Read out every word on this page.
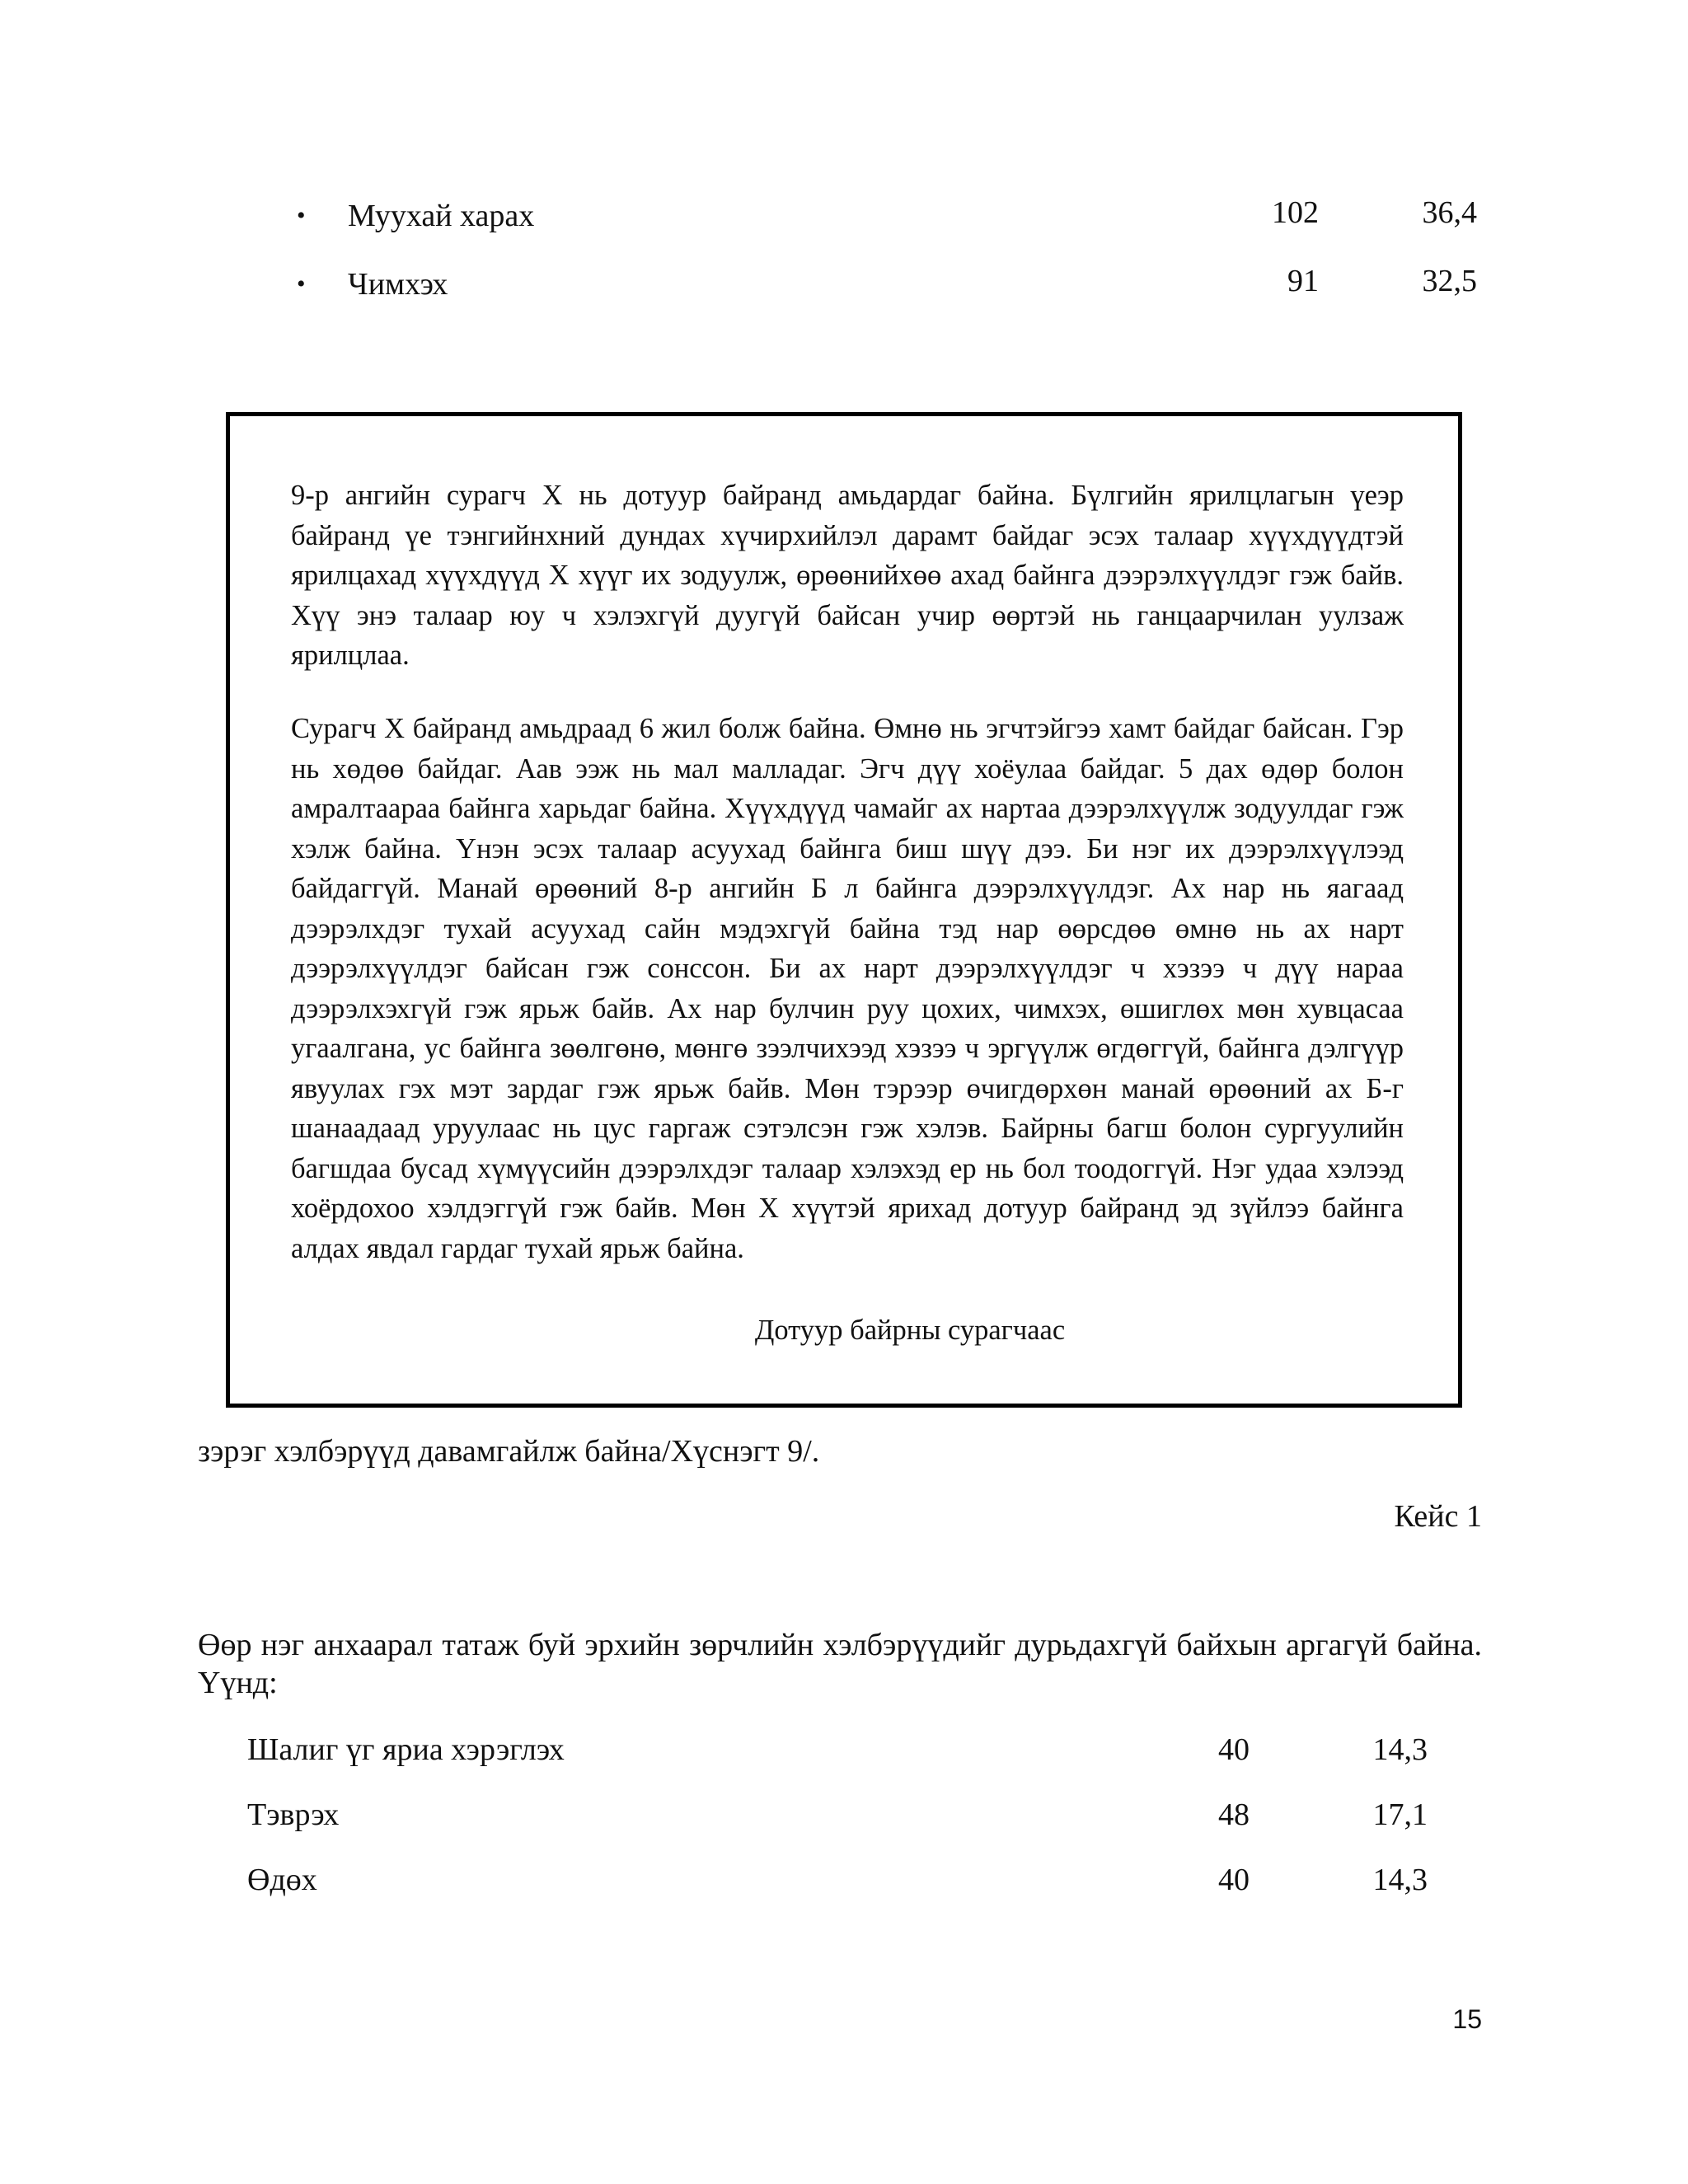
• Муухай харах	102	36,4
• Чимхэх	91	32,5
9-р ангийн сурагч Х нь дотуур байранд амьдардаг байна. Бүлгийн ярилцлагын үеэр байранд үе тэнгийнхний дундах хүчирхийлэл дарамт байдаг эсэх талаар хүүхдүүдтэй ярилцахад хүүхдүүд Х хүүг их зодуулж, өрөөнийхөө ахад байнга дээрэлхүүлдэг гэж байв. Хүү энэ талаар юу ч хэлэхгүй дуугүй байсан учир өөртэй нь ганцаарчилан уулзаж ярилцлаа.
Сурагч Х байранд амьдраад 6 жил болж байна. Өмнө нь эгчтэйгээ хамт байдаг байсан. Гэр нь хөдөө байдаг. Аав ээж нь мал малладаг. Эгч дүү хоёулаа байдаг. 5 дах өдөр болон амралтаараа байнга харьдаг байна. Хүүхдүүд чамайг ах нартаа дээрэлхүүлж зодуулдаг гэж хэлж байна. Үнэн эсэх талаар асуухад байнга биш шүү дээ. Би нэг их дээрэлхүүлээд байдаггүй. Манай өрөөний 8-р ангийн Б л байнга дээрэлхүүлдэг. Ах нар нь яагаад дээрэлхдэг тухай асуухад сайн мэдэхгүй байна тэд нар өөрсдөө өмнө нь ах нарт дээрэлхүүлдэг байсан гэж сонссон. Би ах нарт дээрэлхүүлдэг ч хэзээ ч дүү нараа дээрэлхэхгүй гэж ярьж байв. Ах нар булчин руу цохих, чимхэх, өшиглөх мөн хувцасаа угаалгана, ус байнга зөөлгөнө, мөнгө зээлчихээд хэзээ ч эргүүлж өгдөггүй, байнга дэлгүүр явуулах гэх мэт зардаг гэж ярьж байв. Мөн тэрээр өчигдөрхөн манай өрөөний ах Б-г шанаадаад уруулаас нь цус гаргаж сэтэлсэн гэж хэлэв. Байрны багш болон сургуулийн багшдаа бусад хүмүүсийн дээрэлхдэг талаар хэлэхэд ер нь бол тоодоггүй. Нэг удаа хэлээд хоёрдохоо хэлдэггүй гэж байв. Мөн Х хүүтэй ярихад дотуур байранд эд зүйлээ байнга алдах явдал гардаг тухай ярьж байна.
Дотуур байрны сурагчаас
зэрэг хэлбэрүүд давамгайлж байна/Хүснэгт 9/.
Кейс 1
Өөр нэг анхаарал татаж буй эрхийн зөрчлийн хэлбэрүүдийг дурьдахгүй байхын аргагүй байна. Үүнд:
Шалиг үг яриа хэрэглэх	40	14,3
Тэврэх	48	17,1
Өдөх	40	14,3
15
